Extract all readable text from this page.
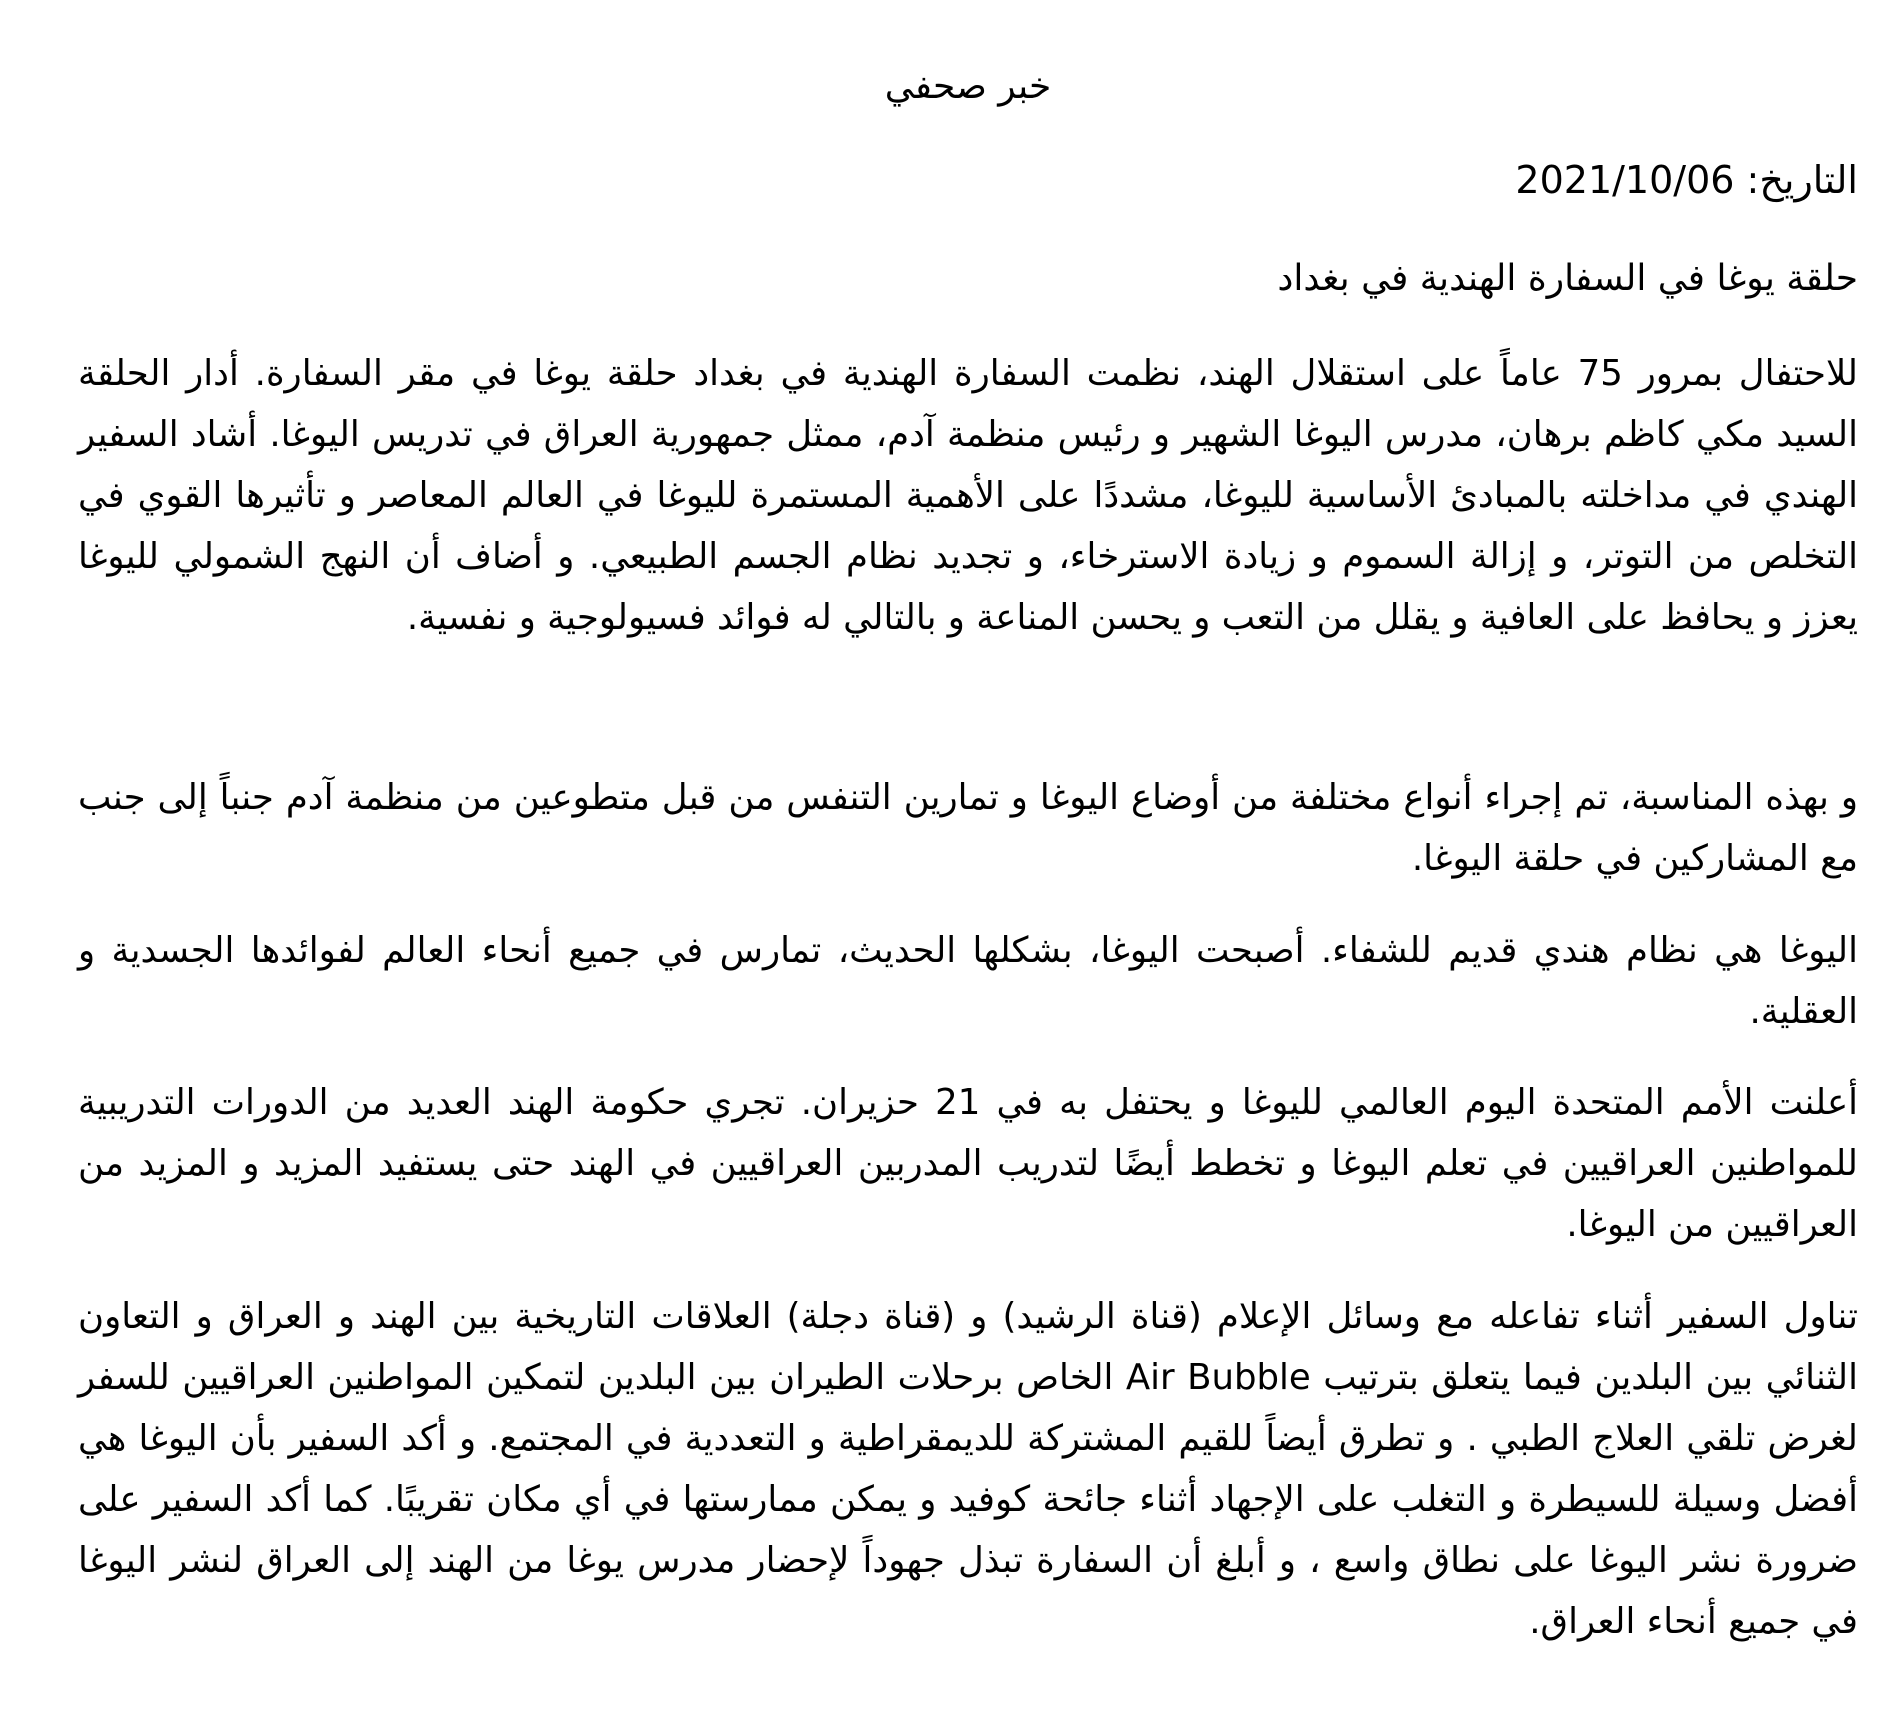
خبر صحفي
التاريخ: 2021/10/06
حلقة يوغا في السفارة الهندية في بغداد

للاحتفال بمرور 75 عاماً على استقلال الهند، نظمت السفارة الهندية في بغداد حلقة يوغا في مقر السفارة. أدار الحلقة السيد مكي كاظم برهان، مدرس اليوغا الشهير و رئيس منظمة آدم، ممثل جمهورية العراق في تدريس اليوغا. أشاد السفير الهندي في مداخلته بالمبادئ الأساسية لليوغا، مشددًا على الأهمية المستمرة لليوغا في العالم المعاصر و تأثيرها القوي في التخلص من التوتر، و إزالة السموم و زيادة الاسترخاء، و تجديد نظام الجسم الطبيعي. و أضاف أن النهج الشمولي لليوغا يعزز و يحافظ على العافية و يقلل من التعب و يحسن المناعة و بالتالي له فوائد فسيولوجية و نفسية.

و بهذه المناسبة، تم إجراء أنواع مختلفة من أوضاع اليوغا و تمارين التنفس من قبل متطوعين من منظمة آدم جنباً إلى جنب مع المشاركين في حلقة اليوغا.

اليوغا هي نظام هندي قديم للشفاء. أصبحت اليوغا، بشكلها الحديث، تمارس في جميع أنحاء العالم لفوائدها الجسدية و العقلية.

أعلنت الأمم المتحدة اليوم العالمي لليوغا و يحتفل به في 21 حزيران. تجري حكومة الهند العديد من الدورات التدريبية للمواطنين العراقيين في تعلم اليوغا و تخطط أيضًا لتدريب المدربين العراقيين في الهند حتى يستفيد المزيد و المزيد من العراقيين من اليوغا.

تناول السفير أثناء تفاعله مع وسائل الإعلام (قناة الرشيد) و (قناة دجلة) العلاقات التاريخية بين الهند و العراق و التعاون الثنائي بين البلدين فيما يتعلق بترتيب Air Bubble الخاص برحلات الطيران بين البلدين لتمكين المواطنين العراقيين للسفر لغرض تلقي العلاج الطبي . و تطرق أيضاً للقيم المشتركة للديمقراطية و التعددية في المجتمع. و أكد السفير بأن اليوغا هي أفضل وسيلة للسيطرة و التغلب على الإجهاد أثناء جائحة كوفيد و يمكن ممارستها في أي مكان تقريبًا. كما أكد السفير على ضرورة نشر اليوغا على نطاق واسع ، و أبلغ أن السفارة تبذل جهوداً لإحضار مدرس يوغا من الهند إلى العراق لنشر اليوغا في جميع أنحاء العراق.
